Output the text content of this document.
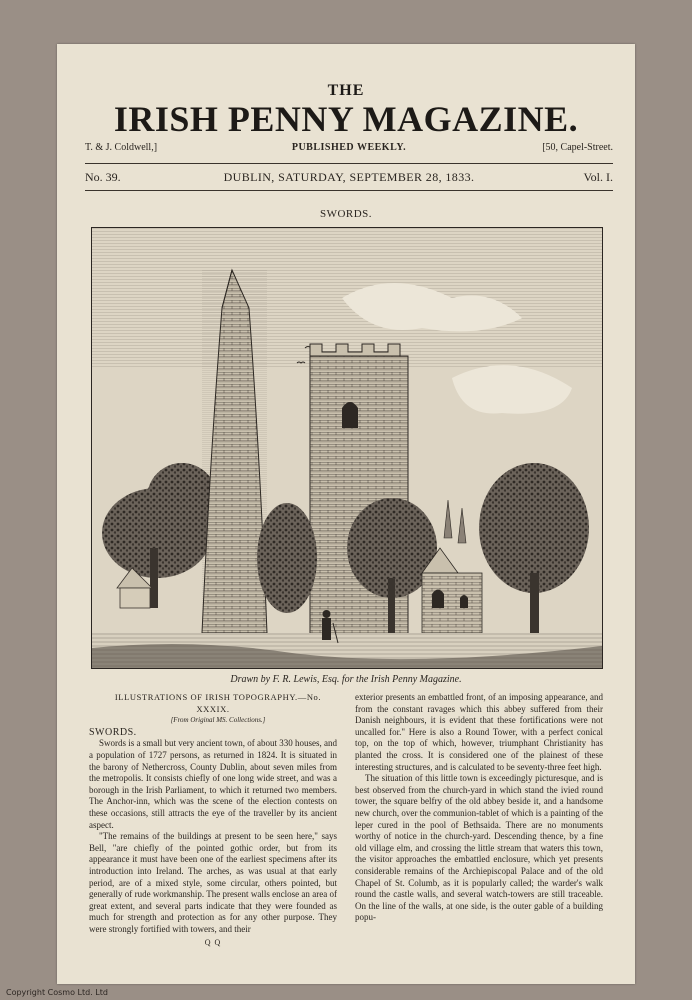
THE
IRISH PENNY MAGAZINE.
T. & J. Coldwell,]	PUBLISHED WEEKLY.	[50, Capel-Street.
No. 39.	DUBLIN, SATURDAY, SEPTEMBER 28, 1833.	Vol. I.
SWORDS.
Drawn by F. R. Lewis, Esq. for the Irish Penny Magazine.

ILLUSTRATIONS OF IRISH TOPOGRAPHY.—No. XXXIX.

[From Original MS. Collections.]

SWORDS.

Swords is a small but very ancient town, of about 330 houses, and a population of 1727 persons, as returned in 1824. It is situated in the barony of Nethercross, County Dublin, about seven miles from the metropolis. It consists chiefly of one long wide street, and was a borough in the Irish Parliament, to which it returned two members. The Anchor-inn, which was the scene of the election contests on these occasions, still attracts the eye of the traveller by its ancient aspect.

"The remains of the buildings at present to be seen here," says Bell, "are chiefly of the pointed gothic order, but from its appearance it must have been one of the earliest specimens after its introduction into Ireland. The arches, as was usual at that early period, are of a mixed style, some circular, others pointed, but generally of rude workmanship. The present walls enclose an area of great extent, and several parts indicate that they were founded as much for strength and protection as for any other purpose. They were strongly fortified with towers, and their

Q Q

exterior presents an embattled front, of an imposing appearance, and from the constant ravages which this abbey suffered from their Danish neighbours, it is evident that these fortifications were not uncalled for." Here is also a Round Tower, with a perfect conical top, on the top of which, however, triumphant Christianity has planted the cross. It is considered one of the plainest of these interesting structures, and is calculated to be seventy-three feet high.

The situation of this little town is exceedingly picturesque, and is best observed from the church-yard in which stand the ivied round tower, the square belfry of the old abbey beside it, and a handsome new church, over the communion-tablet of which is a painting of the leper cured in the pool of Bethsaida. There are no monuments worthy of notice in the church-yard. Descending thence, by a fine old village elm, and crossing the little stream that waters this town, the visitor approaches the embattled enclosure, which yet presents considerable remains of the Archiepiscopal Palace and of the old Chapel of St. Columb, as it is popularly called; the warder's walk round the castle walls, and several watch-towers are still traceable. On the line of the walls, at one side, is the outer gable of a building popu-

Copyright Cosmo Ltd. Ltd
